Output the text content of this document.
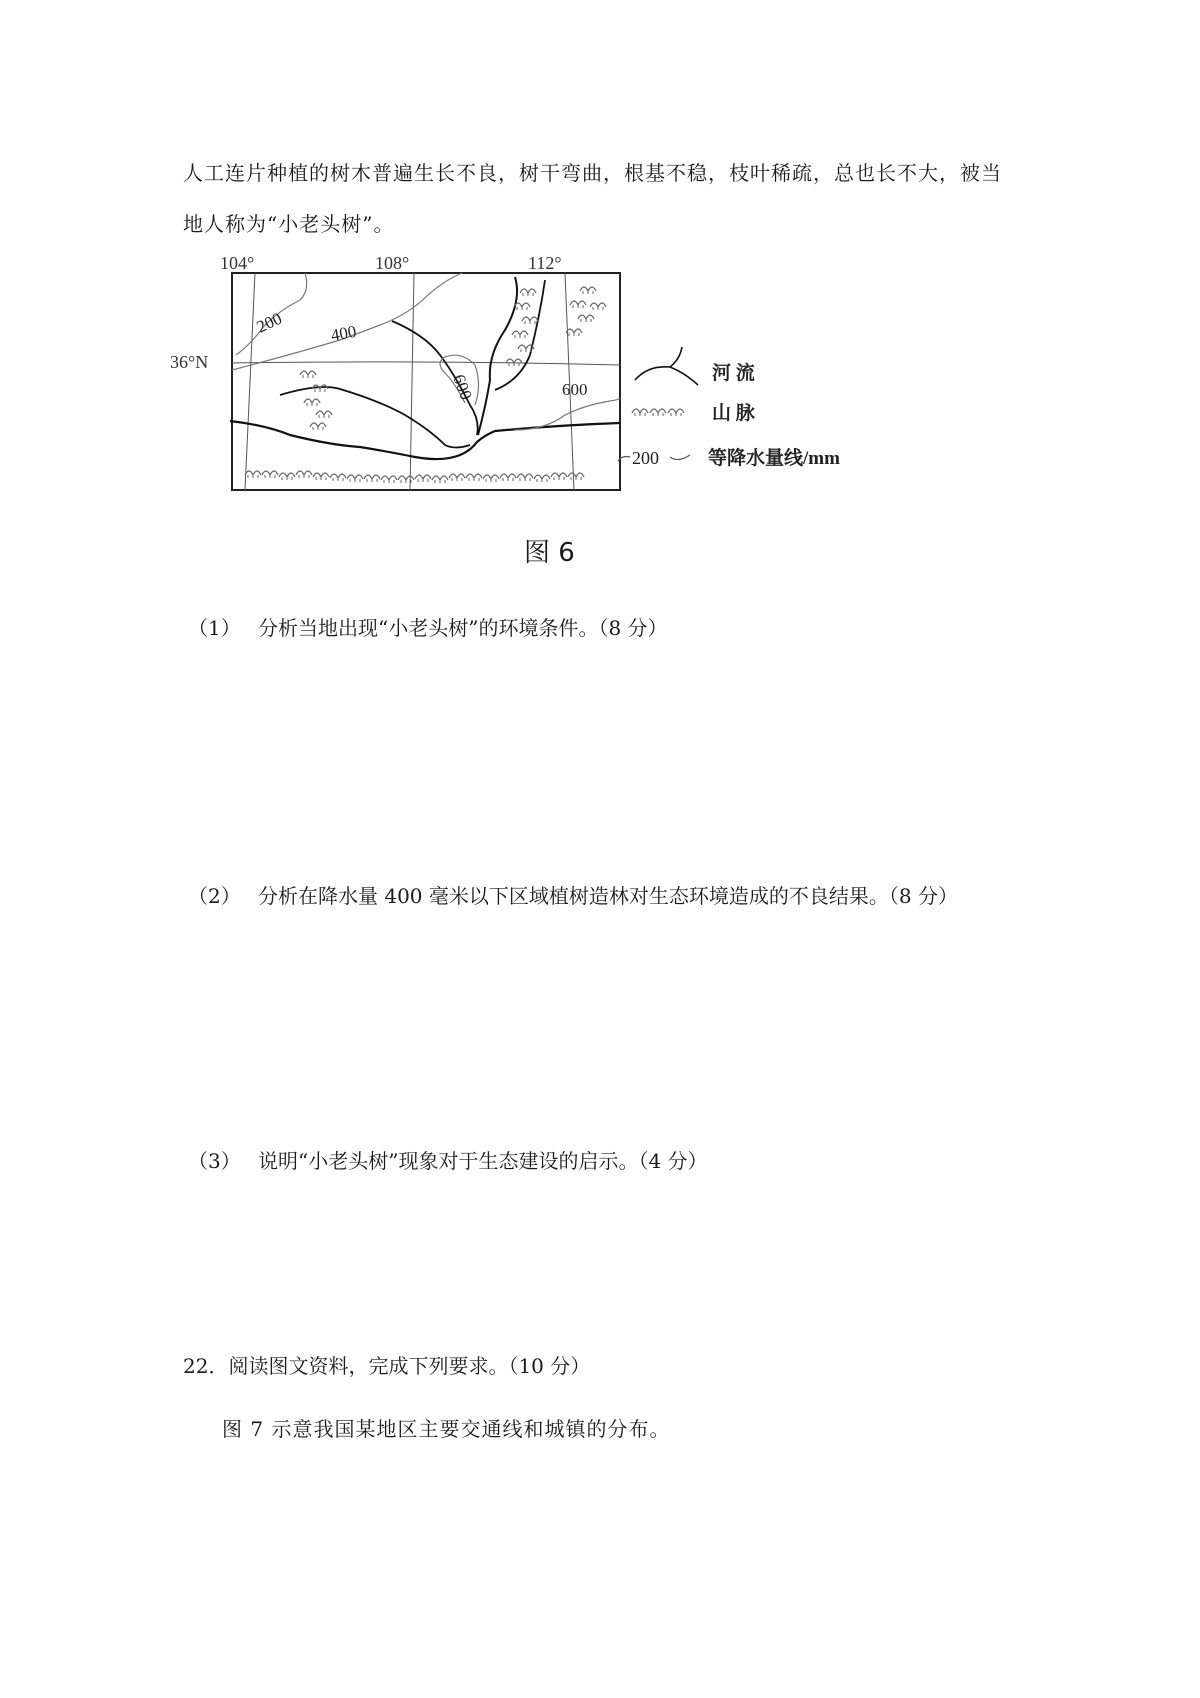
人工连片种植的树木普遍生长不良，树干弯曲，根基不稳，枝叶稀疏，总也长不大，被当
地人称为“小老头树”。
104°	108°	112°
36°N
200	400
600	600
河 流
山 脉
200	等降水量线/mm
图 6
（1） 分析当地出现“小老头树”的环境条件。（8 分）
（2） 分析在降水量 400 毫米以下区域植树造林对生态环境造成的不良结果。（8 分）
（3） 说明“小老头树”现象对于生态建设的启示。（4 分）
22．阅读图文资料，完成下列要求。（10 分）
图 7 示意我国某地区主要交通线和城镇的分布。
